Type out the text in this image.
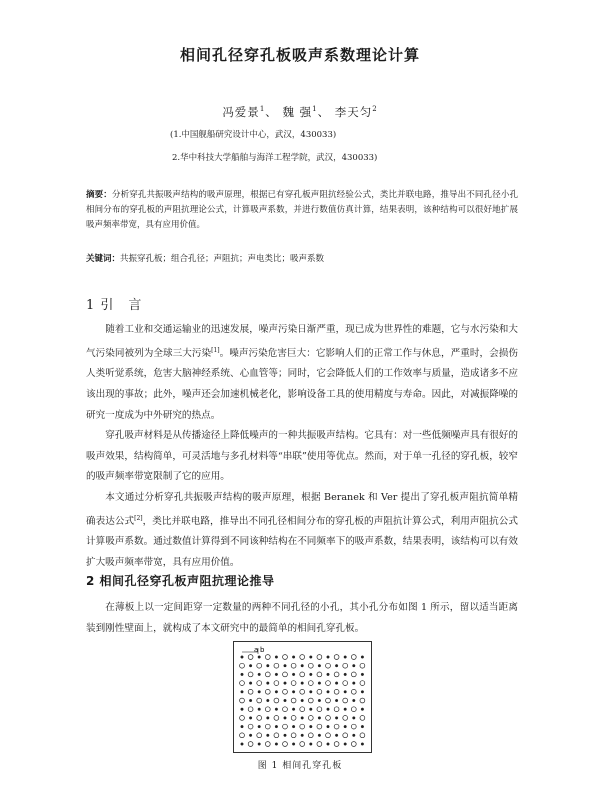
相间孔径穿孔板吸声系数理论计算
冯爱景$^1$、 魏 强$^1$、 李天匀$^2$
(1.中国舰船研究设计中心，武汉，430033)
2.华中科技大学船舶与海洋工程学院，武汉，430033)
摘要：分析穿孔共振吸声结构的吸声原理，根据已有穿孔板声阻抗经验公式，类比并联电路，推导出不同孔径小孔相间分布的穿孔板的声阻抗理论公式，计算吸声系数，并进行数值仿真计算，结果表明，该种结构可以很好地扩展吸声频率带宽，具有应用价值。
关键词：共振穿孔板；组合孔径；声阻抗；声电类比；吸声系数
1 引　言

随着工业和交通运输业的迅速发展，噪声污染日渐严重，现已成为世界性的难题，它与水污染和大气污染同被列为全球三大污染[1]。噪声污染危害巨大：它影响人们的正常工作与休息，严重时，会损伤人类听觉系统，危害大脑神经系统、心血管等；同时，它会降低人们的工作效率与质量，造成诸多不应该出现的事故；此外，噪声还会加速机械老化，影响设备工具的使用精度与寿命。因此，对减振降噪的研究一度成为中外研究的热点。

穿孔吸声材料是从传播途径上降低噪声的一种共振吸声结构。它具有：对一些低频噪声具有很好的吸声效果，结构简单，可灵活地与多孔材料等“串联”使用等优点。然而，对于单一孔径的穿孔板，较窄的吸声频率带宽限制了它的应用。

本文通过分析穿孔共振吸声结构的吸声原理，根据 Beranek 和 Ver 提出了穿孔板声阻抗简单精确表达公式[2]，类比并联电路，推导出不同孔径相间分布的穿孔板的声阻抗计算公式，利用声阻抗公式计算吸声系数。通过数值计算得到不同该种结构在不同频率下的吸声系数，结果表明，该结构可以有效扩大吸声频率带宽，具有应用价值。

2 相间孔径穿孔板声阻抗理论推导

在薄板上以一定间距穿一定数量的两种不同孔径的小孔，其小孔分布如图 1 所示，留以适当距离装到刚性壁面上，就构成了本文研究中的最简单的相间孔穿孔板。

a b
图 1 相间孔穿孔板
